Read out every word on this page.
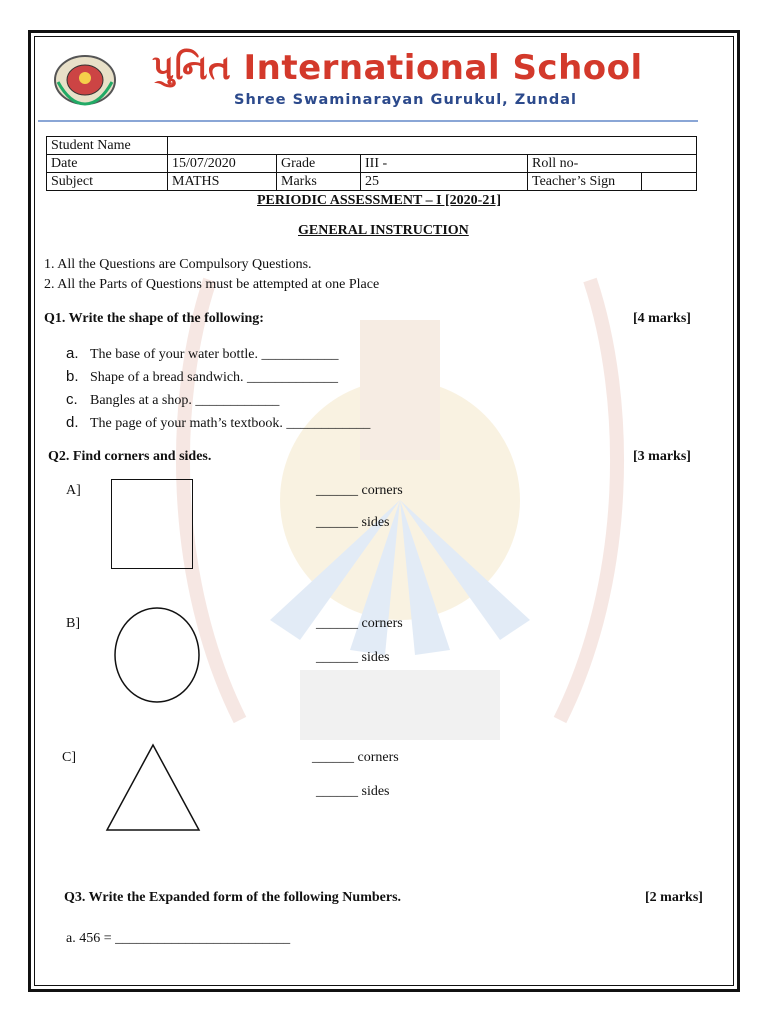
પુનિત International School
Shree Swaminarayan Gurukul, Zundal
Student Name					
Date	15/07/2020	Grade	III -	Roll no-	
Subject	MATHS	Marks	25	Teacher’s Sign	
PERIODIC ASSESSMENT – I [2020-21]
GENERAL INSTRUCTION
1. All the Questions are Compulsory Questions.
2. All the Parts of Questions must be attempted at one Place
Q1. Write the shape of the following:	[4 marks]
a. The base of your water bottle. ___________
b. Shape of a bread sandwich. _____________
c. Bangles at a shop. ____________
d. The page of your math’s textbook. ____________
Q2. Find corners and sides.	[3 marks]
A]	______ corners
______ sides
B]	______ corners
______ sides
C]	______ corners
______ sides
Q3. Write the Expanded form of the following Numbers.	[2 marks]
a. 456 = _________________________
